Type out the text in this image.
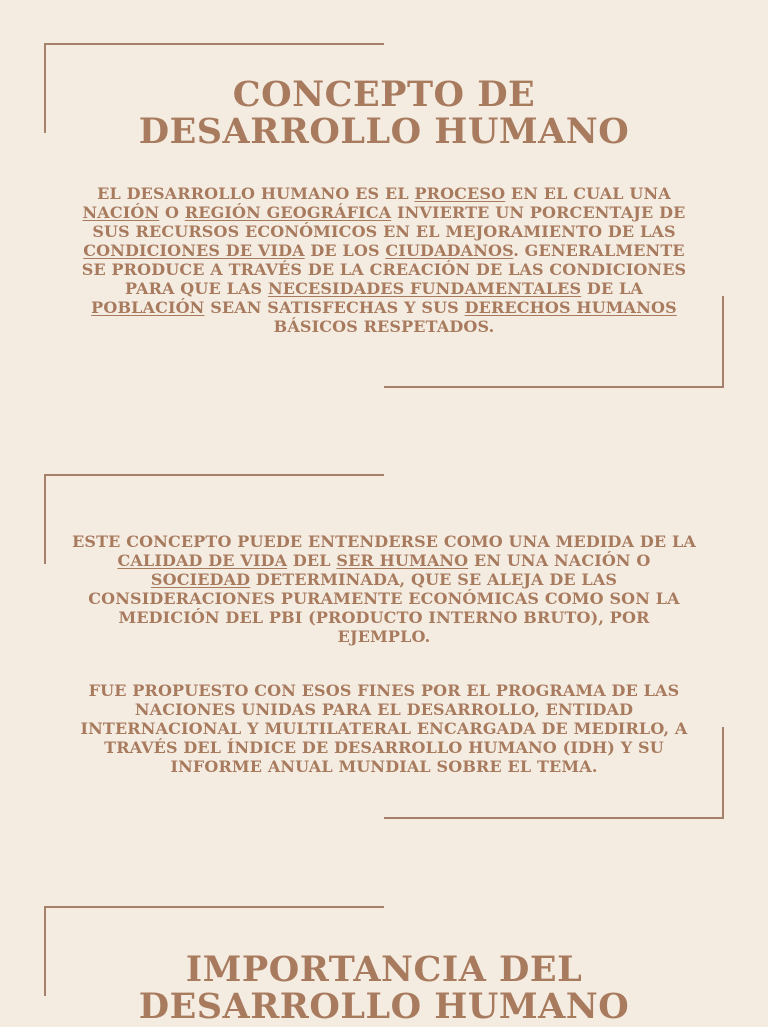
CONCEPTO DE
DESARROLLO HUMANO

EL DESARROLLO HUMANO ES EL PROCESO EN EL CUAL UNA NACIÓN O REGIÓN GEOGRÁFICA INVIERTE UN PORCENTAJE DE SUS RECURSOS ECONÓMICOS EN EL MEJORAMIENTO DE LAS CONDICIONES DE VIDA DE LOS CIUDADANOS. GENERALMENTE SE PRODUCE A TRAVÉS DE LA CREACIÓN DE LAS CONDICIONES PARA QUE LAS NECESIDADES FUNDAMENTALES DE LA POBLACIÓN SEAN SATISFECHAS Y SUS DERECHOS HUMANOS BÁSICOS RESPETADOS.

ESTE CONCEPTO PUEDE ENTENDERSE COMO UNA MEDIDA DE LA CALIDAD DE VIDA DEL SER HUMANO EN UNA NACIÓN O SOCIEDAD DETERMINADA, QUE SE ALEJA DE LAS CONSIDERACIONES PURAMENTE ECONÓMICAS COMO SON LA MEDICIÓN DEL PBI (PRODUCTO INTERNO BRUTO), POR EJEMPLO.

FUE PROPUESTO CON ESOS FINES POR EL PROGRAMA DE LAS NACIONES UNIDAS PARA EL DESARROLLO, ENTIDAD INTERNACIONAL Y MULTILATERAL ENCARGADA DE MEDIRLO, A TRAVÉS DEL ÍNDICE DE DESARROLLO HUMANO (IDH) Y SU INFORME ANUAL MUNDIAL SOBRE EL TEMA.

IMPORTANCIA DEL
DESARROLLO HUMANO
